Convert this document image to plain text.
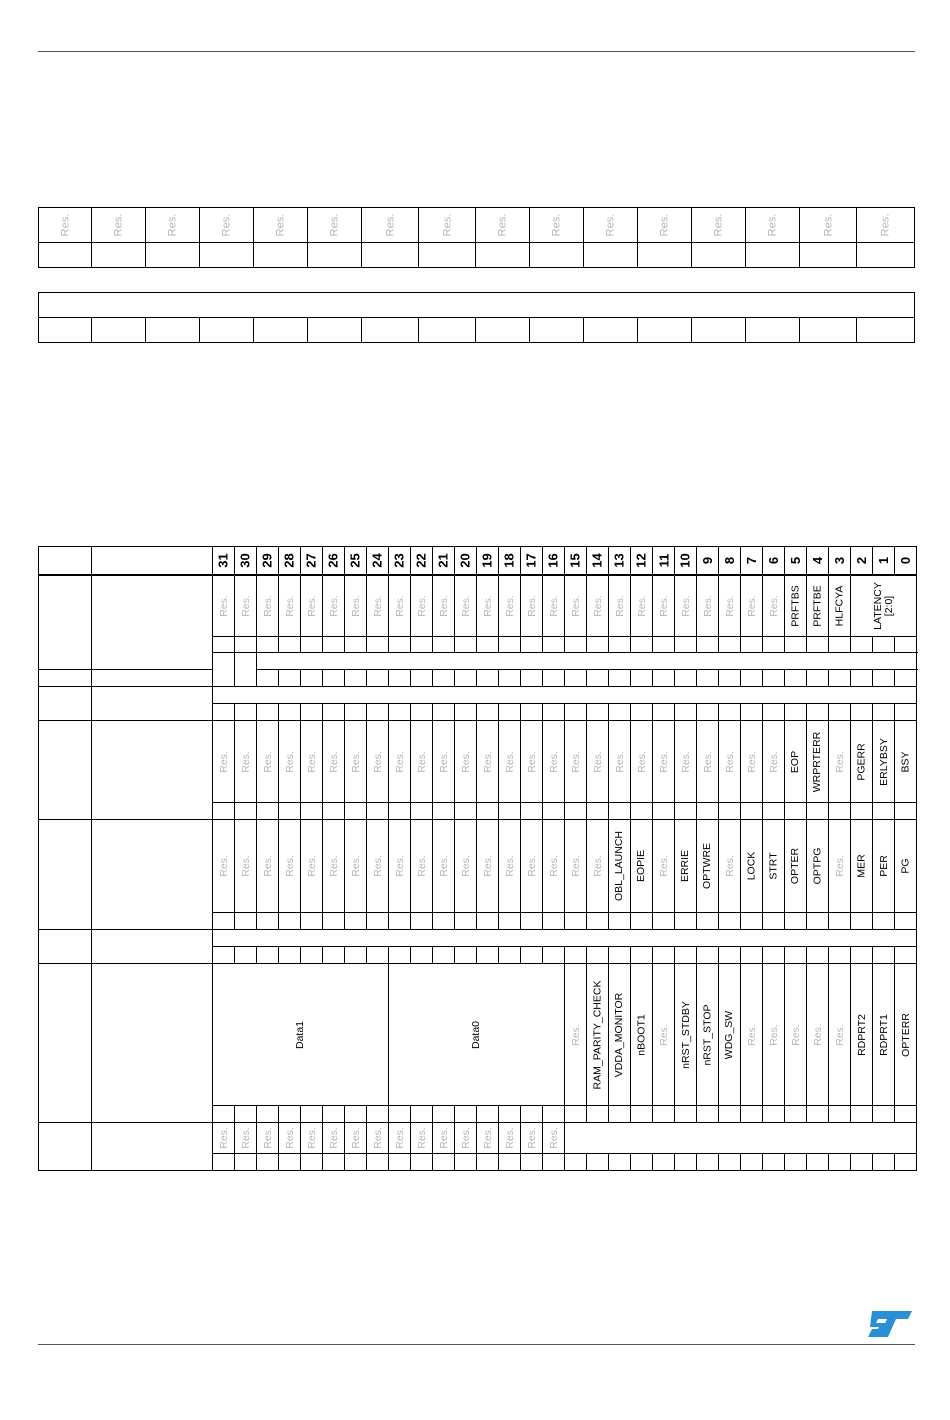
Res.	Res.	Res.	Res.	Res.	Res.	Res.	Res.	Res.	Res.	Res.	Res.	Res.	Res.	Res.	Res.

		31	30	29	28	27	26	25	24	23	22	21	20	19	18	17	16	15	14	13	12	11	10	9	8	7	6	5	4	3	2	1	0

		Res.	Res.	Res.	Res.	Res.	Res.	Res.	Res.	Res.	Res.	Res.	Res.	Res.	Res.	Res.	Res.	Res.	Res.	Res.	Res.	Res.	Res.	Res.	Res.	Res.	Res.	PRFTBS	PRFTBE	HLFCYA	LATENCY
[2:0]		

		Res.	Res.	Res.	Res.	Res.	Res.	Res.	Res.	Res.	Res.	Res.	Res.	Res.	Res.	Res.	Res.	Res.	Res.	Res.	Res.	Res.	Res.	Res.	Res.	Res.	Res.	EOP	WRPRTERR	Res.	PGERR	ERLYBSY	BSY

		Res.	Res.	Res.	Res.	Res.	Res.	Res.	Res.	Res.	Res.	Res.	Res.	Res.	Res.	Res.	Res.	Res.	Res.	OBL_LAUNCH	EOPIE	Res.	ERRIE	OPTWRE	Res.	LOCK	STRT	OPTER	OPTPG	Res.	MER	PER	PG

		Data1								Data0								Res.	RAM_PARITY_CHECK	VDDA_MONITOR	nBOOT1	Res.	nRST_STDBY	nRST_STOP	WDG_SW	Res.	Res.	Res.	Res.	Res.	RDPRT2	RDPRT1	OPTERR

		Res.	Res.	Res.	Res.	Res.	Res.	Res.	Res.	Res.	Res.	Res.	Res.	Res.	Res.	Res.	Res.																
